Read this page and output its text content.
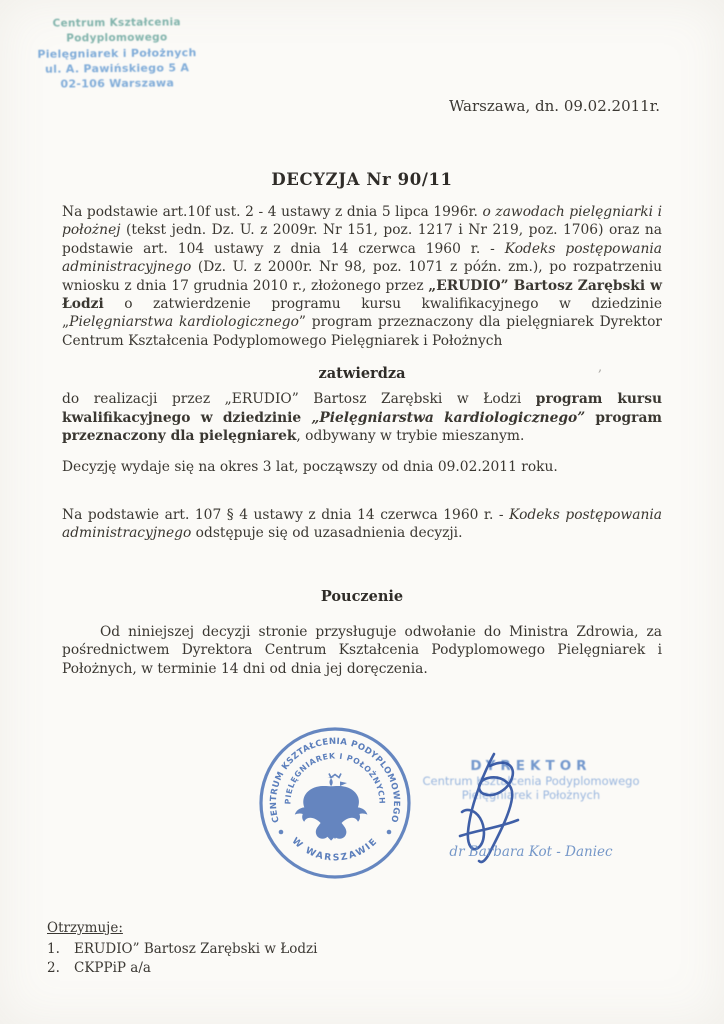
Centrum Kształcenia Podyplomowego
Pielęgniarek i Położnych
ul. A. Pawińskiego 5 A
02-106 Warszawa
Warszawa, dn. 09.02.2011r.
DECYZJA Nr 90/11
,

Na podstawie art.10f ust. 2 - 4 ustawy z dnia 5 lipca 1996r. o zawodach pielęgniarki i położnej (tekst jedn. Dz. U. z 2009r. Nr 151, poz. 1217 i Nr 219, poz. 1706) oraz na podstawie art. 104 ustawy z dnia 14 czerwca 1960 r. - Kodeks postępowania administracyjnego (Dz. U. z 2000r. Nr 98, poz. 1071 z późn. zm.), po rozpatrzeniu wniosku z dnia 17 grudnia 2010 r., złożonego przez „ERUDIO” Bartosz Zarębski w Łodzi o zatwierdzenie programu kursu kwalifikacyjnego w dziedzinie „Pielęgniarstwa kardiologicznego” program przeznaczony dla pielęgniarek Dyrektor Centrum Kształcenia Podyplomowego Pielęgniarek i Położnych

zatwierdza

do realizacji przez „ERUDIO” Bartosz Zarębski w Łodzi program kursu kwalifikacyjnego w dziedzinie „Pielęgniarstwa kardiologicznego” program przeznaczony dla pielęgniarek, odbywany w trybie mieszanym.

Decyzję wydaje się na okres 3 lat, począwszy od dnia 09.02.2011 roku.

Na podstawie art. 107 § 4 ustawy z dnia 14 czerwca 1960 r. - Kodeks postępowania administracyjnego odstępuje się od uzasadnienia decyzji.

Pouczenie

Od niniejszej decyzji stronie przysługuje odwołanie do Ministra Zdrowia, za pośrednictwem Dyrektora Centrum Kształcenia Podyplomowego Pielęgniarek i Położnych, w terminie 14 dni od dnia jej doręczenia.

CENTRUM KSZTAŁCENIA PODYPLOMOWEGO
PIELĘGNIAREK I POŁOŻNYCH
W WARSZAWIE
DYREKTOR
Centrum Kształcenia Podyplomowego
Pielęgniarek i Położnych
dr Barbara Kot - Daniec
Otrzymuje:
1. ERUDIO” Bartosz Zarębski w Łodzi
2. CKPPiP a/a
